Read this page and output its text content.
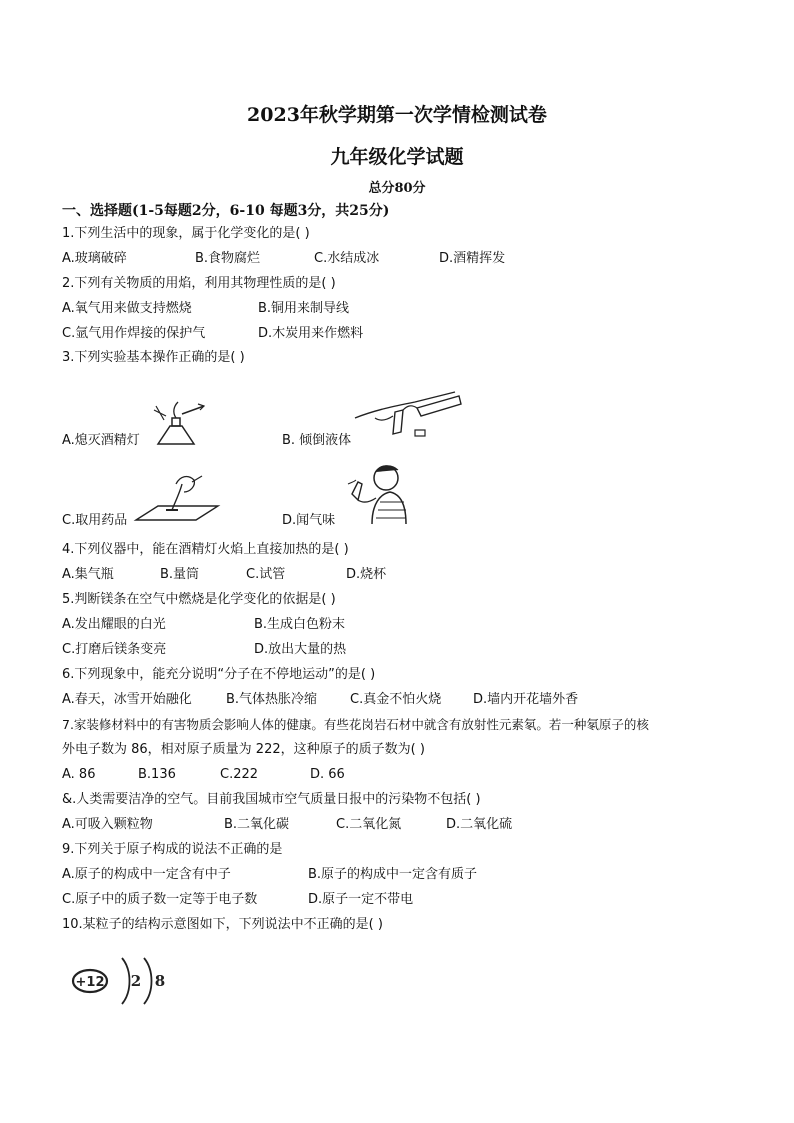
2023年秋学期第一次学情检测试卷
九年级化学试题
总分80分
一、选择题(1-5每题2分，6-10 每题3分，共25分)
1.下列生活中的现象，属于化学变化的是( )
A.玻璃破碎	B.食物腐烂	C.水结成冰	D.酒精挥发
2.下列有关物质的用焰，利用其物理性质的是( )
A.氧气用来做支持燃烧	B.铜用来制导线
C.氩气用作焊接的保护气	D.木炭用来作燃料
3.下列实验基本操作正确的是( )
A.熄灭酒精灯	B. 倾倒液体
C.取用药品	D.闻气味
4.下列仪器中，能在酒精灯火焰上直接加热的是( )
A.集气瓶	B.量筒	C.试管	D.烧杯
5.判断镁条在空气中燃烧是化学变化的依据是( )
A.发出耀眼的白光	B.生成白色粉末
C.打磨后镁条变亮	D.放出大量的热
6.下列现象中，能充分说明“分子在不停地运动”的是( )
A.春天，冰雪开始融化	B.气体热胀冷缩	C.真金不怕火烧 D.墙内开花墙外香
7.家装修材料中的有害物质会影响人体的健康。有些花岗岩石材中就含有放射性元素氡。若一种氡原子的核
外电子数为 86，相对原子质量为 222，这种原子的质子数为( )
A. 86	B.136	C.222	D. 66
&.人类需要洁净的空气。目前我国城市空气质量日报中的污染物不包括( )
A.可吸入颗粒物	B.二氧化碳	C.二氧化氮	D.二氧化硫
9.下列关于原子构成的说法不正确的是
A.原子的构成中一定含有中子	B.原子的构成中一定含有质子
C.原子中的质子数一定等于电子数	D.原子一定不带电
10.某粒子的结构示意图如下，下列说法中不正确的是( )
+12 2 8
